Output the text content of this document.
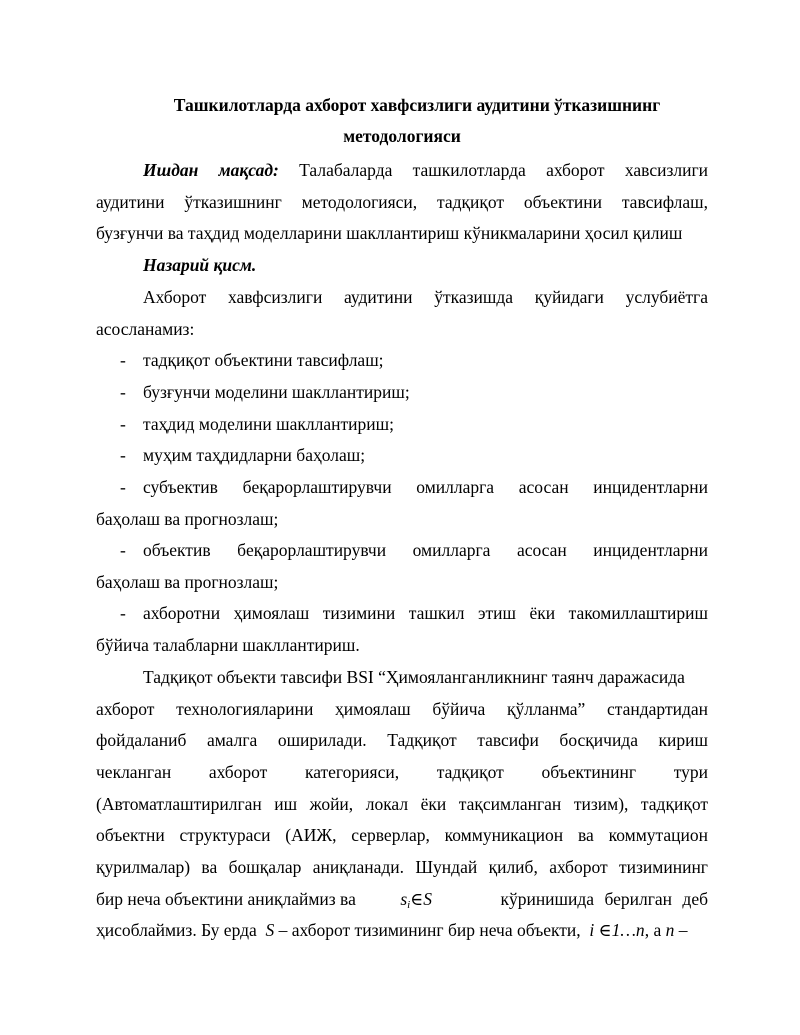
Ташкилотларда ахборот хавфсизлиги аудитини ўтказишнинг
методологияси
Ишдан мақсад: Талабаларда ташкилотларда ахборот хавсизлиги
аудитини ўтказишнинг методологияси, тадқиқот объектини тавсифлаш,
бузғунчи ва таҳдид моделларини шакллантириш кўникмаларини ҳосил қилиш
Назарий қисм.
Ахборот хавфсизлиги аудитини ўтказишда қуйидаги услубиётга
асосланамиз:
- тадқиқот объектини тавсифлаш;
- бузғунчи моделини шакллантириш;
- таҳдид моделини шакллантириш;
- муҳим таҳдидларни баҳолаш;
- субъектив бeқарорлаштирувчи омилларга асосан инцидентларни
баҳолаш ва прогнозлаш;
- объектив бeқарорлаштирувчи омилларга асосан инцидентларни
баҳолаш ва прогнозлаш;
- ахборотни ҳимоялаш тизимини ташкил этиш ёки такомиллаштириш
бўйича талабларни шакллантириш.
Тадқиқот объекти тавсифи BSI “Ҳимояланганликнинг таянч даражасида
ахборот технологияларини ҳимоялаш бўйича қўлланма” стандартидан
фойдаланиб амалга оширилади. Тадқиқот тавсифи босқичида кириш
чекланган ахборот категорияси, тадқиқот объектининг тури
(Автоматлаштирилган иш жойи, локал ёки тақсимланган тизим), тадқиқот
объектни структураси (АИЖ, серверлар, коммуникацион ва коммутацион
қурилмалар) ва бошқалар аниқланади. Шундай қилиб, ахборот тизимининг
бир неча объектини аниқлаймиз ва	$s_i\in S$	кўринишида берилган деб
ҳисоблаймиз. Бу ерда S – ахборот тизимининг бир неча объекти, i ∈1…n, а n –
